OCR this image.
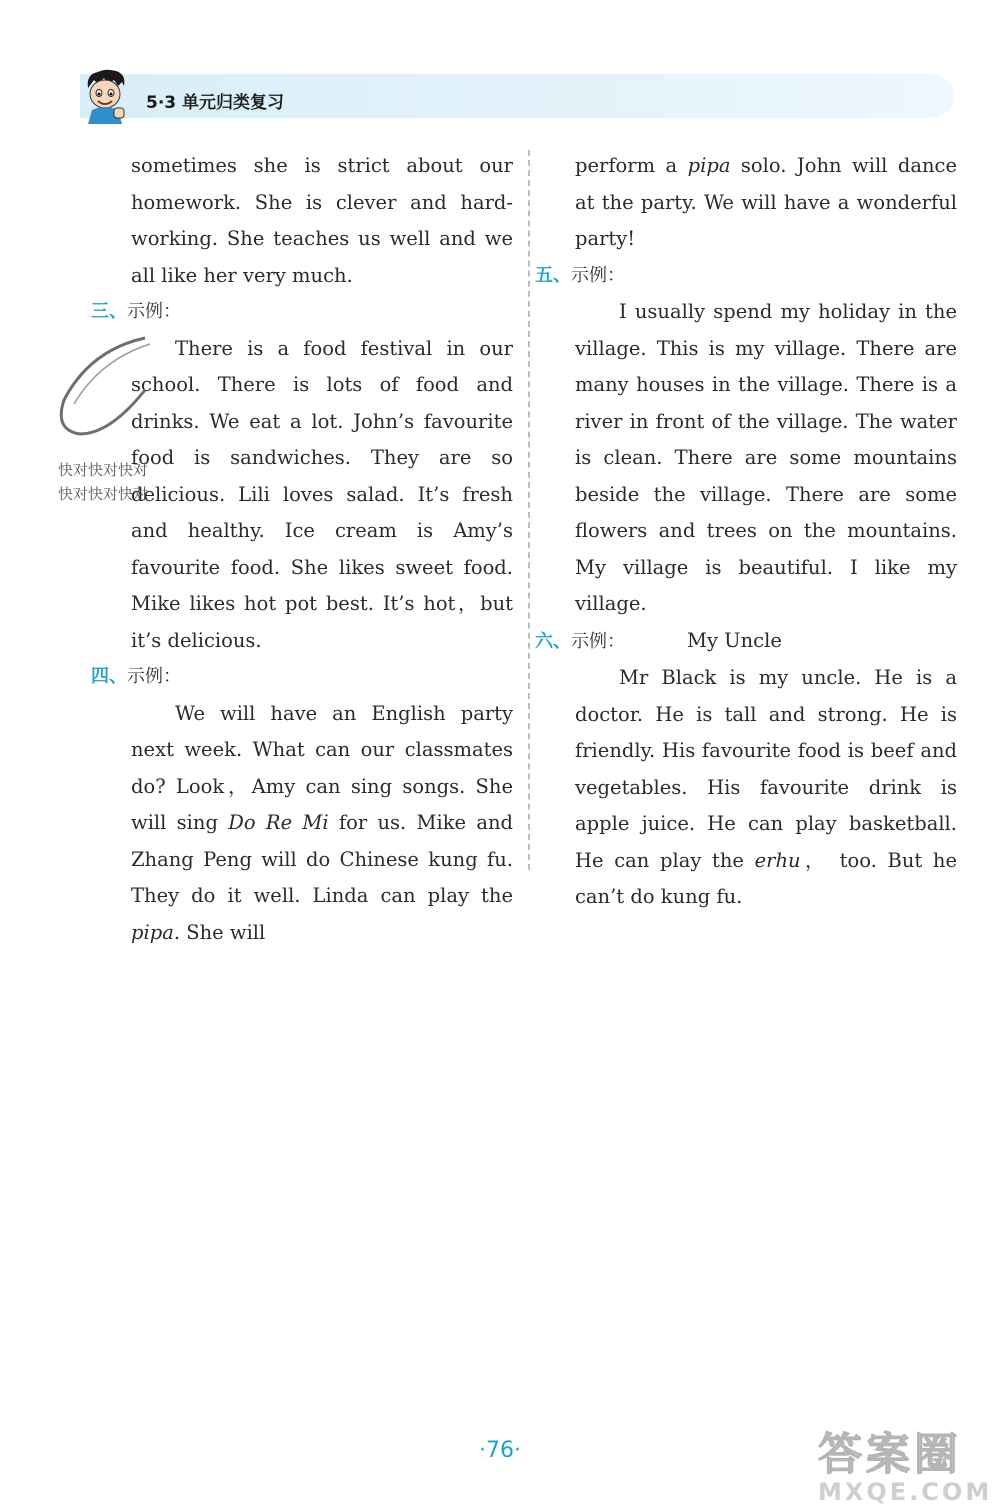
5·3 单元归类复习

sometimes she is strict about our homework. She is clever and hard-working. She teaches us well and we all like her very much.

三、示例：

There is a food festival in our school. There is lots of food and drinks. We eat a lot. John’s favourite food is sandwiches. They are so delicious. Lili loves salad. It’s fresh and healthy. Ice cream is Amy’s favourite food. She likes sweet food. Mike likes hot pot best. It’s hot，but it’s delicious.

四、示例：

We will have an English party next week. What can our classmates do? Look，Amy can sing songs. She will sing Do Re Mi for us. Mike and Zhang Peng will do Chinese kung fu. They do it well. Linda can play the pipa. She will

perform a pipa solo. John will dance at the party. We will have a wonderful party!

五、示例：

I usually spend my holiday in the village. This is my village. There are many houses in the village. There is a river in front of the village. The water is clean. There are some mountains beside the village. There are some flowers and trees on the mountains. My village is beautiful. I like my village.

六、示例：	My Uncle

Mr Black is my uncle. He is a doctor. He is tall and strong. He is friendly. His favourite food is beef and vegetables. His favourite drink is apple juice. He can play basketball. He can play the erhu， too. But he can’t do kung fu.

快对快对快对
快对快对快对
·76·	答案圈
MXQE.COM
